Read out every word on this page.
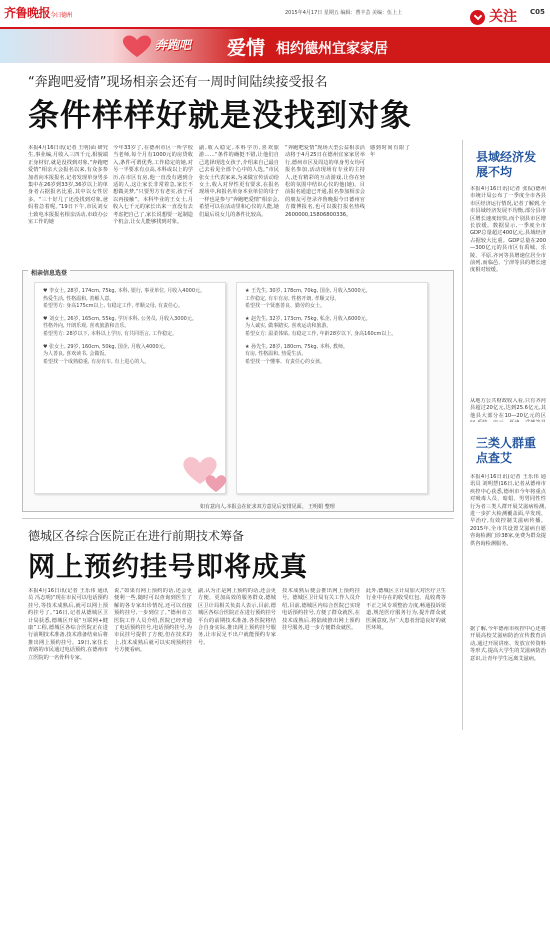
齐鲁晚报今日德州	2015年4月17日 星期五 编辑：曹丰芸 美编：伍上上	关注	C05
奔跑吧 爱情 相约德州宜家家居
“奔跑吧爱情”现场相亲会还有一周时间陆续接受报名
条件样样好就是没找到对象
本报4月16日讯(记者 王明)面 研究生,事业编,月收入三四千元,相貌端正身材好,就是没找到对象,“奔跑吧爱情”相亲大会报名以来,有众多参加者向本报报名,记者发现单身男多集中在26岁到33岁,36岁以上的单身者占据报名比重,其中以女性居多。“三十好几了还没找到对象,爸妈着急着呢。”19日下午,市民刘女士致电本报报名相亲活动,市政办公室工作的她
今年33岁了,在德州市区一所学校当老师,每个月有1000元的房贷收入,条件可谓优秀,工作稳定的她,对另一半要求有点高,本科或以上的学历,在市区有房,他一直没有遇到合适的人,这让家长非常着急,家长不想做美梦,“只要男方有老实,孩子可以再接触”。本科毕业的王女士,月收入七千元的家长出来一直没有去考虑把自己了,家长说想要一起制造个机会,让女儿能够找到对象。
副,收入稳定,本科学历,喜欢旅游……“条件的确挺不错,让他们自己选择现选女孩子,介绍来自己最自己去看见全部个心中的人选。”市民张女士代表家来,为来做宣传活动给女士,收入对异性更有要求,在报名现场中,和报名单身本业单位的母子一样也是参与“奔跑吧爱情”相亲会,希望可以在活动里和心仪的人能,她们最后说女儿的条件比较高。
“奔跑吧爱情”现场大型公益相亲活动将于4月25日在德州宜家家居举行,德州市区及周边的单身男女均可报名参加,活动现场有专业的主持人,还有精彩的互动游戏,让你在轻松的氛围中结识心仪的他(她)。目前报名通道已开通,报名参加相亲会的朋友可登录齐鲁晚报今日德州官方微博报名,也可以拨打报名热线2600000,15806800336。
感到时间有限了年
相亲信息选登

♥ 李女士, 28岁, 174cm, 75kg, 本科, 银行, 事业单位, 月收入4000元。

热爱生活, 性格温和, 善解人意。

希望男方: 身高175cm以上, 有稳定工作, 孝顺父母, 有责任心。

♥ 刘女士, 26岁, 165cm, 55kg, 学历本科, 公务员, 月收入3000元。

性格外向, 开朗乐观, 喜欢旅游和音乐。

希望男方: 28岁以下, 本科以上学历, 有共同语言, 工作稳定。

♥ 张女士, 29岁, 160cm, 50kg, 国企, 月收入4000元。

为人善良, 喜欢读书, 会做饭。

希望找一个成熟稳重, 有房有车, 有上进心的人。

★ 王先生, 30岁, 178cm, 70kg, 国企, 月收入5000元。

工作稳定, 有车有房, 性格开朗, 孝顺父母。

希望找一个贤惠善良、勤劳的女士。

★ 赵先生, 32岁, 173cm, 75kg, 私企, 月收入6000元。

为人诚实, 做事踏实, 喜欢运动和旅游。

希望女方: 温柔体贴, 有稳定工作, 年龄28岁以下, 身高160cm以上。

★ 孙先生, 28岁, 180cm, 75kg, 本科, 教师。

有房, 性格温和, 热爱生活。

希望找一个懂事、有责任心的女孩。

如有意向人,本报会在征求双方意见后安排见面。 王明娟 整理
德城区各综合医院正在进行前期技术筹备
网上预约挂号即将成真
本报4月16日讯(记者 王乐伟 通讯员 冯志明)“现在市民可以电话预约挂号,等技术成熟后,就可以网上预约挂号了。”16日,记者从德城区卫计局获悉,德城区开展“互联网+健康”工程,德城区各综合医院正在进行前期技术准备,技术准备结束后将推出网上预约挂号。19日,家住长青路的市民通过电话预约,在德州市立医院的一名骨科专家。
说,“如果有网上预约的话,还会更便利一些,随时可以查询到医生了解的各专家出诊情况,还可以直接预约挂号,一步到位了。”德州市立医院工作人员介绍,医院已经开通了电话预约挂号,电话预约挂号,为市民挂号提供了方便,但在技术的上,技术成熟后就可以实现预约挂号方便看病。
副,认为正是网上预约的话,还会更方便、更加高效的服务群众,德城区卫计局相关负责人表示,目前,德城区各综合医院正在进行预约挂号平台的前期技术准备,各医院将结合自身实际,推出网上预约挂号服务,让市民足不出户就能预约专家号。
技术成熟后便会推出网上预约挂号。德城区卫计局有关工作人员介绍,目前,德城区内综合医院已实现电话预约挂号,方便了群众就医,在技术成熟后,将陆续推出网上预约挂号服务,进一步方便群众就医。
此外,德城区卫计局加大对医疗卫生行业中存在的收受红包、乱收费等不正之风专项整治力度,畅通投诉渠道,规范医疗服务行为,提升群众就医满意度,为广大患者营造良好的就医环境。
县域经济发展不均
本报4月16日讯(记者 张侃)德州市统计局公布了一季度全市各县市区经济运行情况,记者了解到,全市县域经济发展不均衡,部分县市区增长速度较快,而个别县市区增长放缓。数据显示,一季度全市GDP总量超过400亿元,县域经济占据较大比重。GDP总量在200—300亿元的县市区有禹城、乐陵、平原,齐河等县增速位居全市前列,而临邑、宁津等县的增长速度相对较缓。
从地方公共财政收入看,只有齐河县超过20亿元,达到25.6亿元,其他县大部分在10—20亿元的区
三类人群重点查艾
本报4月16日讯(记者 王乐伟 通讯员 刘明慧)16日,记者从德州市疾控中心获悉,德州市今年将重点对吸毒人员、暗娼、男男同性性行为者三类人群开展艾滋病检测,进一步扩大检测覆盖面,早发现、早治疗,有效控制艾滋病传播。2015年,全市共设置艾滋病自愿咨询检测门诊38家,免费为群众提供咨询检测服务。
据了解,今年德州市疾控中心还将开展高校艾滋病防治宣传教育活动,通过开展讲座、发放宣传资料等形式,提高大学生的艾滋病防治意识,让青年学生远离艾滋病。
